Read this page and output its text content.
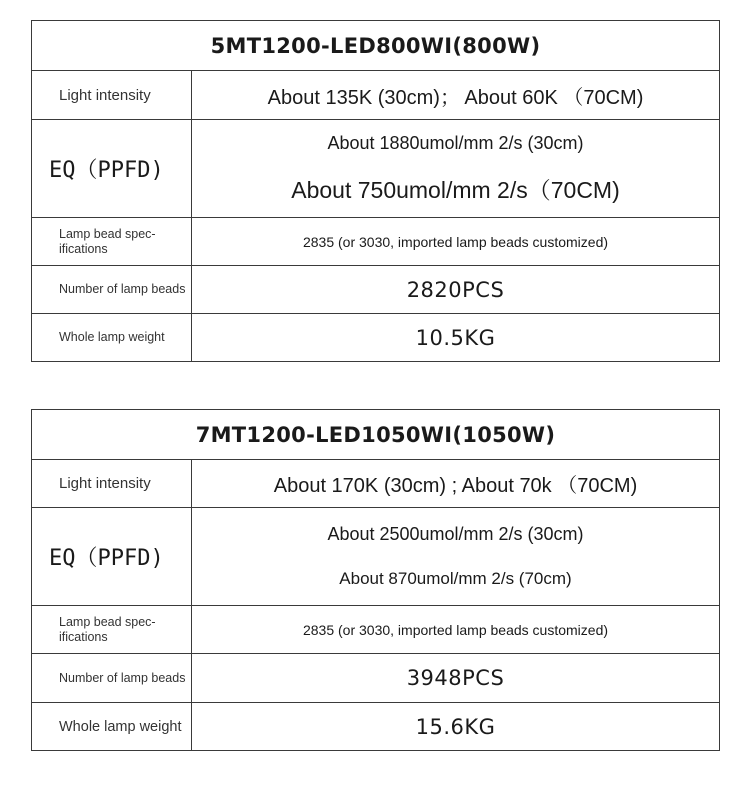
5MT1200-LED800WI(800W)	
Light intensity	About 135K (30cm)； About 60K （70CM)
EQ（PPFD)	About 1880umol/mm 2/s (30cm)
About 750umol/mm 2/s（70CM)

Lamp bead spec-ifications	2835 (or 3030, imported lamp beads customized)
Number of lamp beads	2820PCS
Whole lamp weight	10.5KG
7MT1200-LED1050WI(1050W)	
Light intensity	About 170K (30cm) ; About 70k （70CM)
EQ（PPFD)	About 2500umol/mm 2/s (30cm)
About 870umol/mm 2/s (70cm)

Lamp bead spec-ifications	2835 (or 3030, imported lamp beads customized)
Number of lamp beads	3948PCS
Whole lamp weight	15.6KG
